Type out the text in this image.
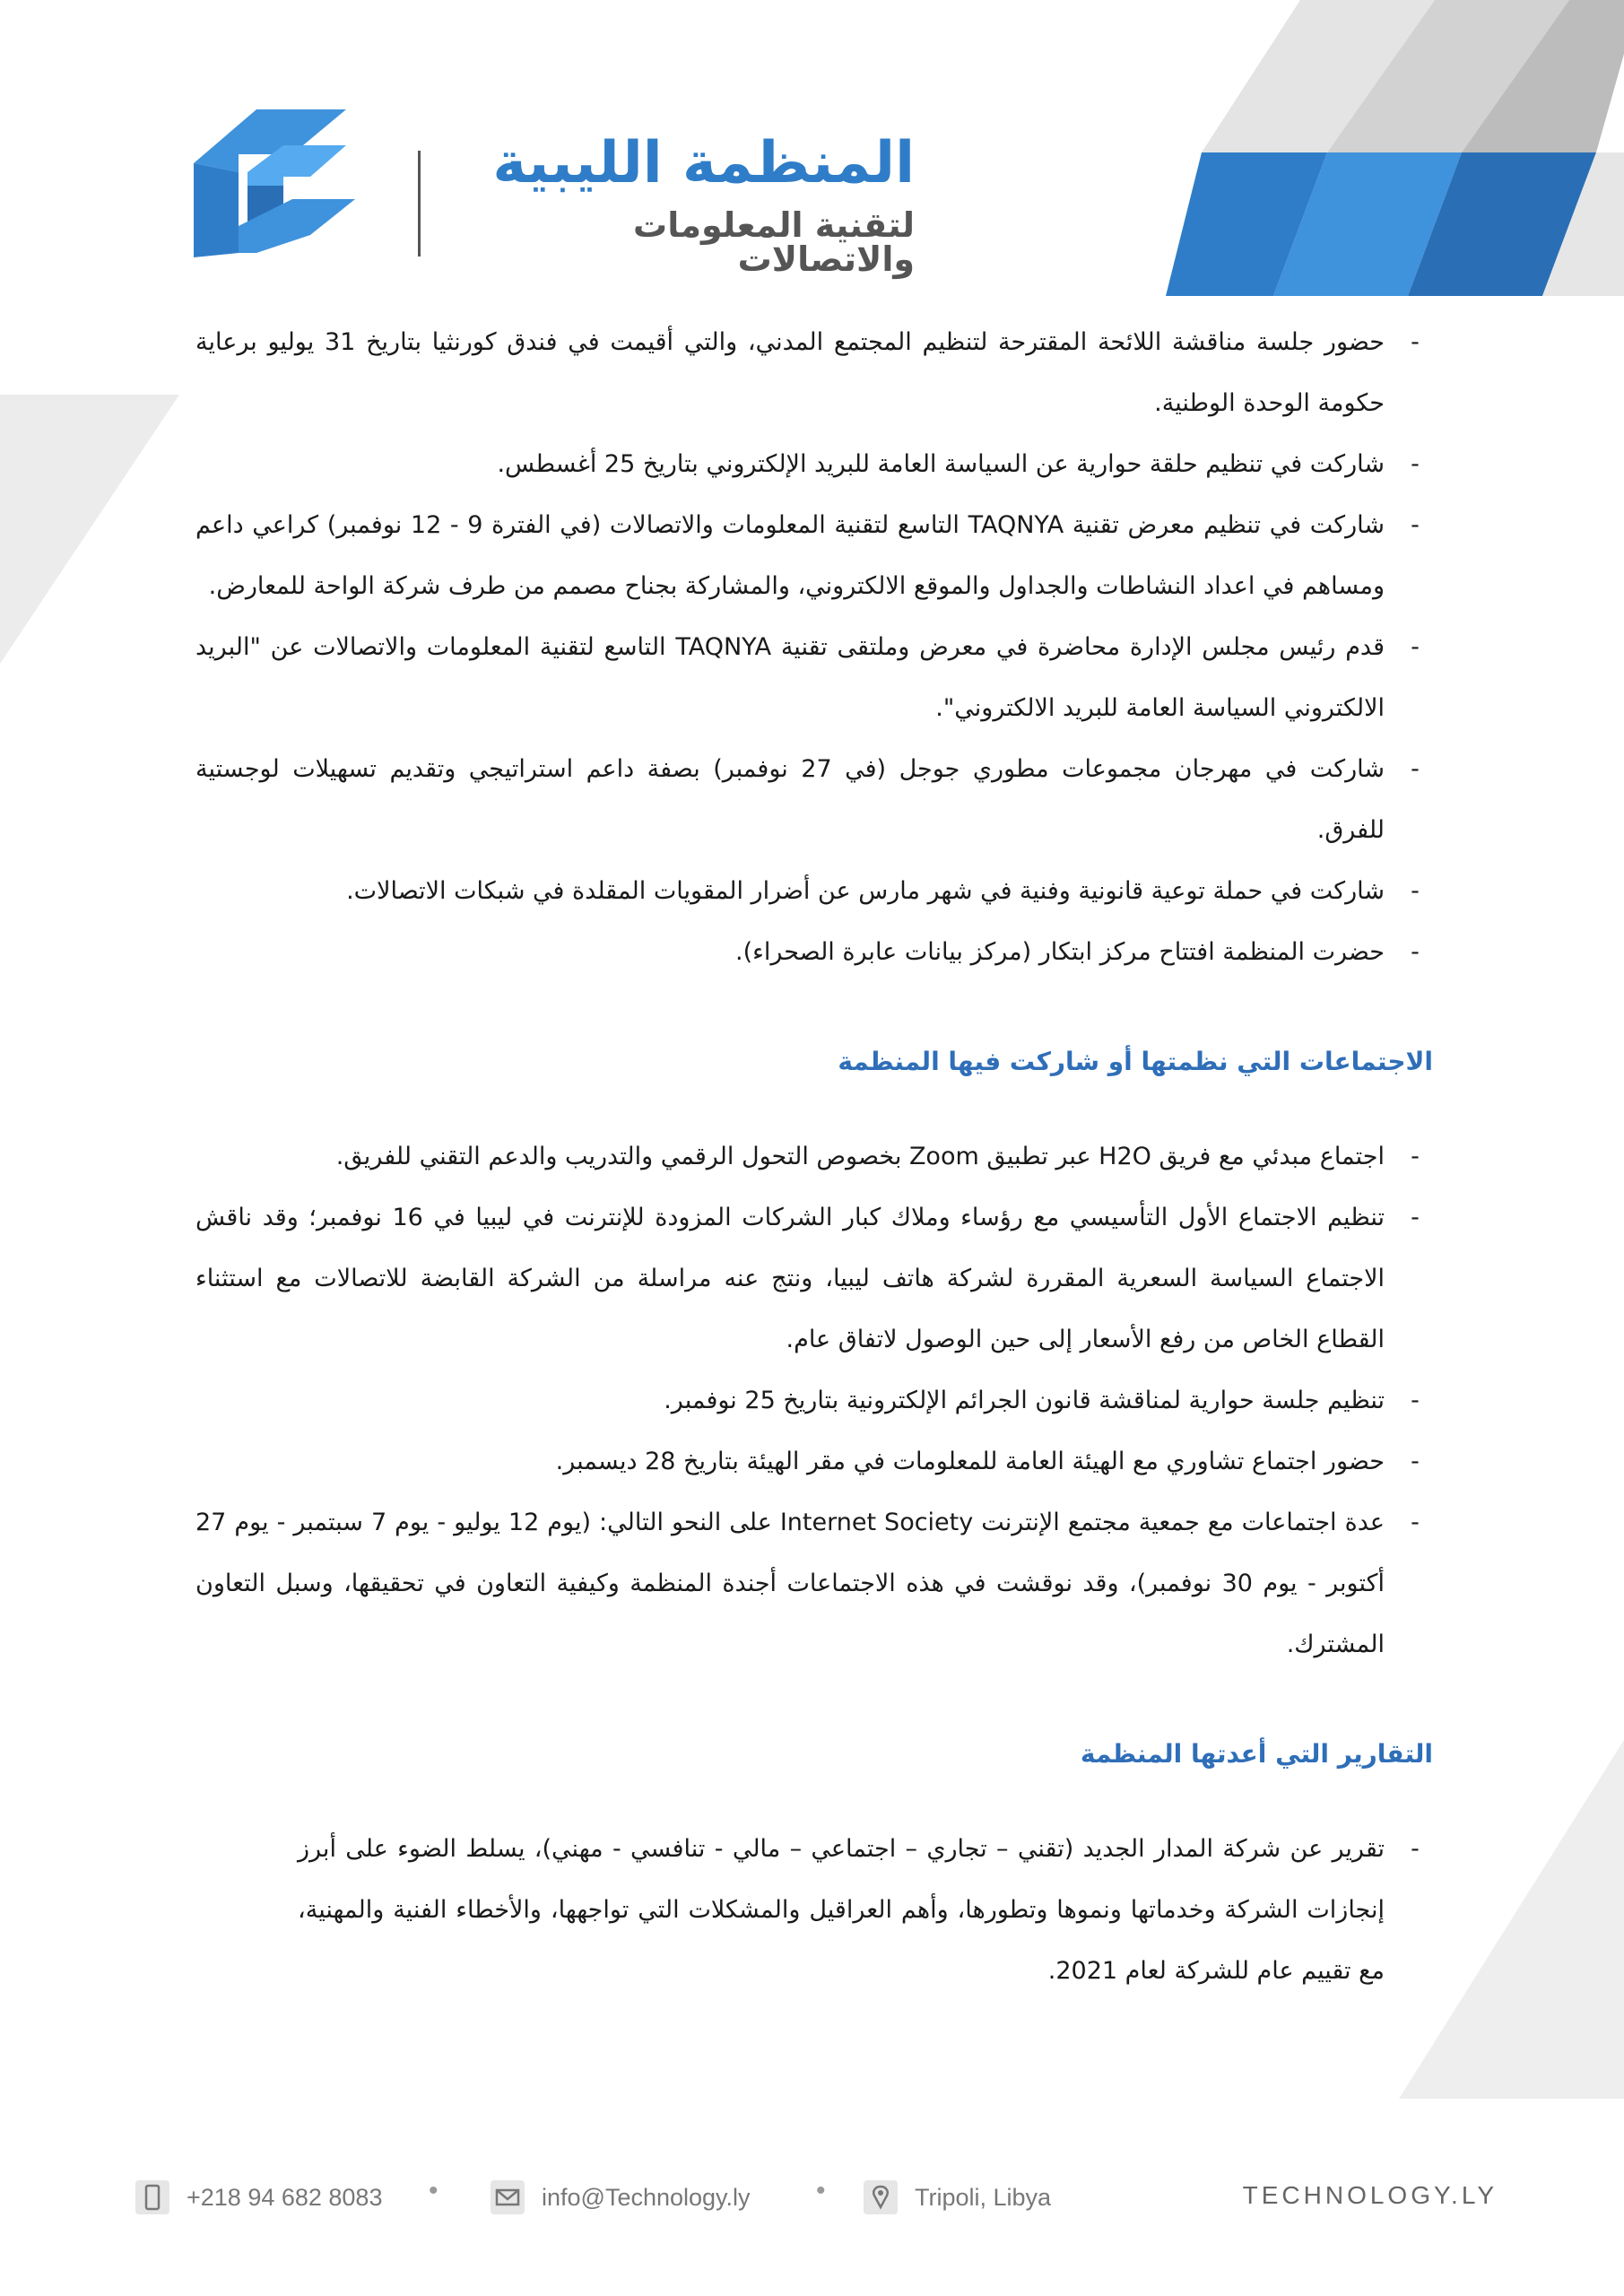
المنظمة الليبية
لتقنية المعلومات والاتصالات
-
حضور جلسة مناقشة اللائحة المقترحة لتنظيم المجتمع المدني، والتي أقيمت في فندق كورنثيا بتاريخ 31 يوليو برعاية حكومة الوحدة الوطنية.
-
شاركت في تنظيم حلقة حوارية عن السياسة العامة للبريد الإلكتروني بتاريخ 25 أغسطس.
-
شاركت في تنظيم معرض تقنية TAQNYA التاسع لتقنية المعلومات والاتصالات (في الفترة 9 - 12 نوفمبر) كراعي داعم ومساهم في اعداد النشاطات والجداول والموقع الالكتروني، والمشاركة بجناح مصمم من طرف شركة الواحة للمعارض.
-
قدم رئيس مجلس الإدارة محاضرة في معرض وملتقى تقنية TAQNYA التاسع لتقنية المعلومات والاتصالات عن "البريد الالكتروني السياسة العامة للبريد الالكتروني".
-
شاركت في مهرجان مجموعات مطوري جوجل (في 27 نوفمبر) بصفة داعم استراتيجي وتقديم تسهيلات لوجستية للفرق.
-
شاركت في حملة توعية قانونية وفنية في شهر مارس عن أضرار المقويات المقلدة في شبكات الاتصالات.
-
حضرت المنظمة افتتاح مركز ابتكار (مركز بيانات عابرة الصحراء).
الاجتماعات التي نظمتها أو شاركت فيها المنظمة
-
اجتماع مبدئي مع فريق H2O عبر تطبيق Zoom بخصوص التحول الرقمي والتدريب والدعم التقني للفريق.
-
تنظيم الاجتماع الأول التأسيسي مع رؤساء وملاك كبار الشركات المزودة للإنترنت في ليبيا في 16 نوفمبر؛ وقد ناقش الاجتماع السياسة السعرية المقررة لشركة هاتف ليبيا، ونتج عنه مراسلة من الشركة القابضة للاتصالات مع استثناء القطاع الخاص من رفع الأسعار إلى حين الوصول لاتفاق عام.
-
تنظيم جلسة حوارية لمناقشة قانون الجرائم الإلكترونية بتاريخ 25 نوفمبر.
-
حضور اجتماع تشاوري مع الهيئة العامة للمعلومات في مقر الهيئة بتاريخ 28 ديسمبر.
-
عدة اجتماعات مع جمعية مجتمع الإنترنت Internet Society على النحو التالي: (يوم 12 يوليو - يوم 7 سبتمبر - يوم 27 أكتوبر - يوم 30 نوفمبر)، وقد نوقشت في هذه الاجتماعات أجندة المنظمة وكيفية التعاون في تحقيقها، وسبل التعاون المشترك.
التقارير التي أعدتها المنظمة
-
تقرير عن شركة المدار الجديد (تقني – تجاري – اجتماعي – مالي - تنافسي - مهني)، يسلط الضوء على أبرز إنجازات الشركة وخدماتها ونموها وتطورها، وأهم العراقيل والمشكلات التي تواجهها، والأخطاء الفنية والمهنية، مع تقييم عام للشركة لعام 2021.
+218 94 682 8083 •	info@Technology.ly •	Tripoli, Libya	TECHNOLOGY.LY
